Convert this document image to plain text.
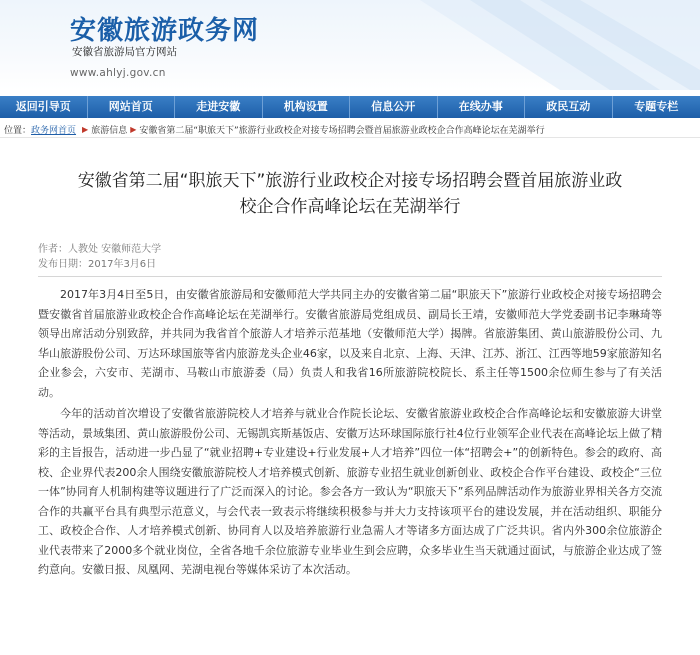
安徽旅游政务网
安徽省旅游局官方网站
www.ahlyj.gov.cn
返回引导页	网站首页	走进安徽	机构设置	信息公开	在线办事	政民互动	专题专栏
位置： 政务网首页 ▶ 旅游信息 ▶ 安徽省第二届“职旅天下”旅游行业政校企对接专场招聘会暨首届旅游业政校企合作高峰论坛在芜湖举行
安徽省第二届“职旅天下”旅游行业政校企对接专场招聘会暨首届旅游业政校企合作高峰论坛在芜湖举行
作者：人教处 安徽师范大学
发布日期：2017年3月6日

2017年3月4日至5日，由安徽省旅游局和安徽师范大学共同主办的安徽省第二届“职旅天下”旅游行业政校企对接专场招聘会暨安徽省首届旅游业政校企合作高峰论坛在芜湖举行。安徽省旅游局党组成员、副局长王靖，安徽师范大学党委副书记李琳琦等领导出席活动分别致辞，并共同为我省首个旅游人才培养示范基地（安徽师范大学）揭牌。省旅游集团、黄山旅游股份公司、九华山旅游股份公司、万达环球国旅等省内旅游龙头企业46家，以及来自北京、上海、天津、江苏、浙江、江西等地59家旅游知名企业参会，六安市、芜湖市、马鞍山市旅游委（局）负责人和我省16所旅游院校院长、系主任等1500余位师生参与了有关活动。

今年的活动首次增设了安徽省旅游院校人才培养与就业合作院长论坛、安徽省旅游业政校企合作高峰论坛和安徽旅游大讲堂等活动，景域集团、黄山旅游股份公司、无锡凯宾斯基饭店、安徽万达环球国际旅行社4位行业领军企业代表在高峰论坛上做了精彩的主旨报告，活动进一步凸显了“就业招聘+专业建设+行业发展+人才培养”四位一体“招聘会+”的创新特色。参会的政府、高校、企业界代表200余人围绕安徽旅游院校人才培养模式创新、旅游专业招生就业创新创业、政校企合作平台建设、政校企“三位一体”协同育人机制构建等议题进行了广泛而深入的讨论。参会各方一致认为“职旅天下”系列品牌活动作为旅游业界相关各方交流合作的共赢平台具有典型示范意义，与会代表一致表示将继续积极参与并大力支持该项平台的建设发展，并在活动组织、职能分工、政校企合作、人才培养模式创新、协同育人以及培养旅游行业急需人才等诸多方面达成了广泛共识。省内外300余位旅游企业代表带来了2000多个就业岗位，全省各地千余位旅游专业毕业生到会应聘，众多毕业生当天就通过面试，与旅游企业达成了签约意向。安徽日报、凤凰网、芜湖电视台等媒体采访了本次活动。
